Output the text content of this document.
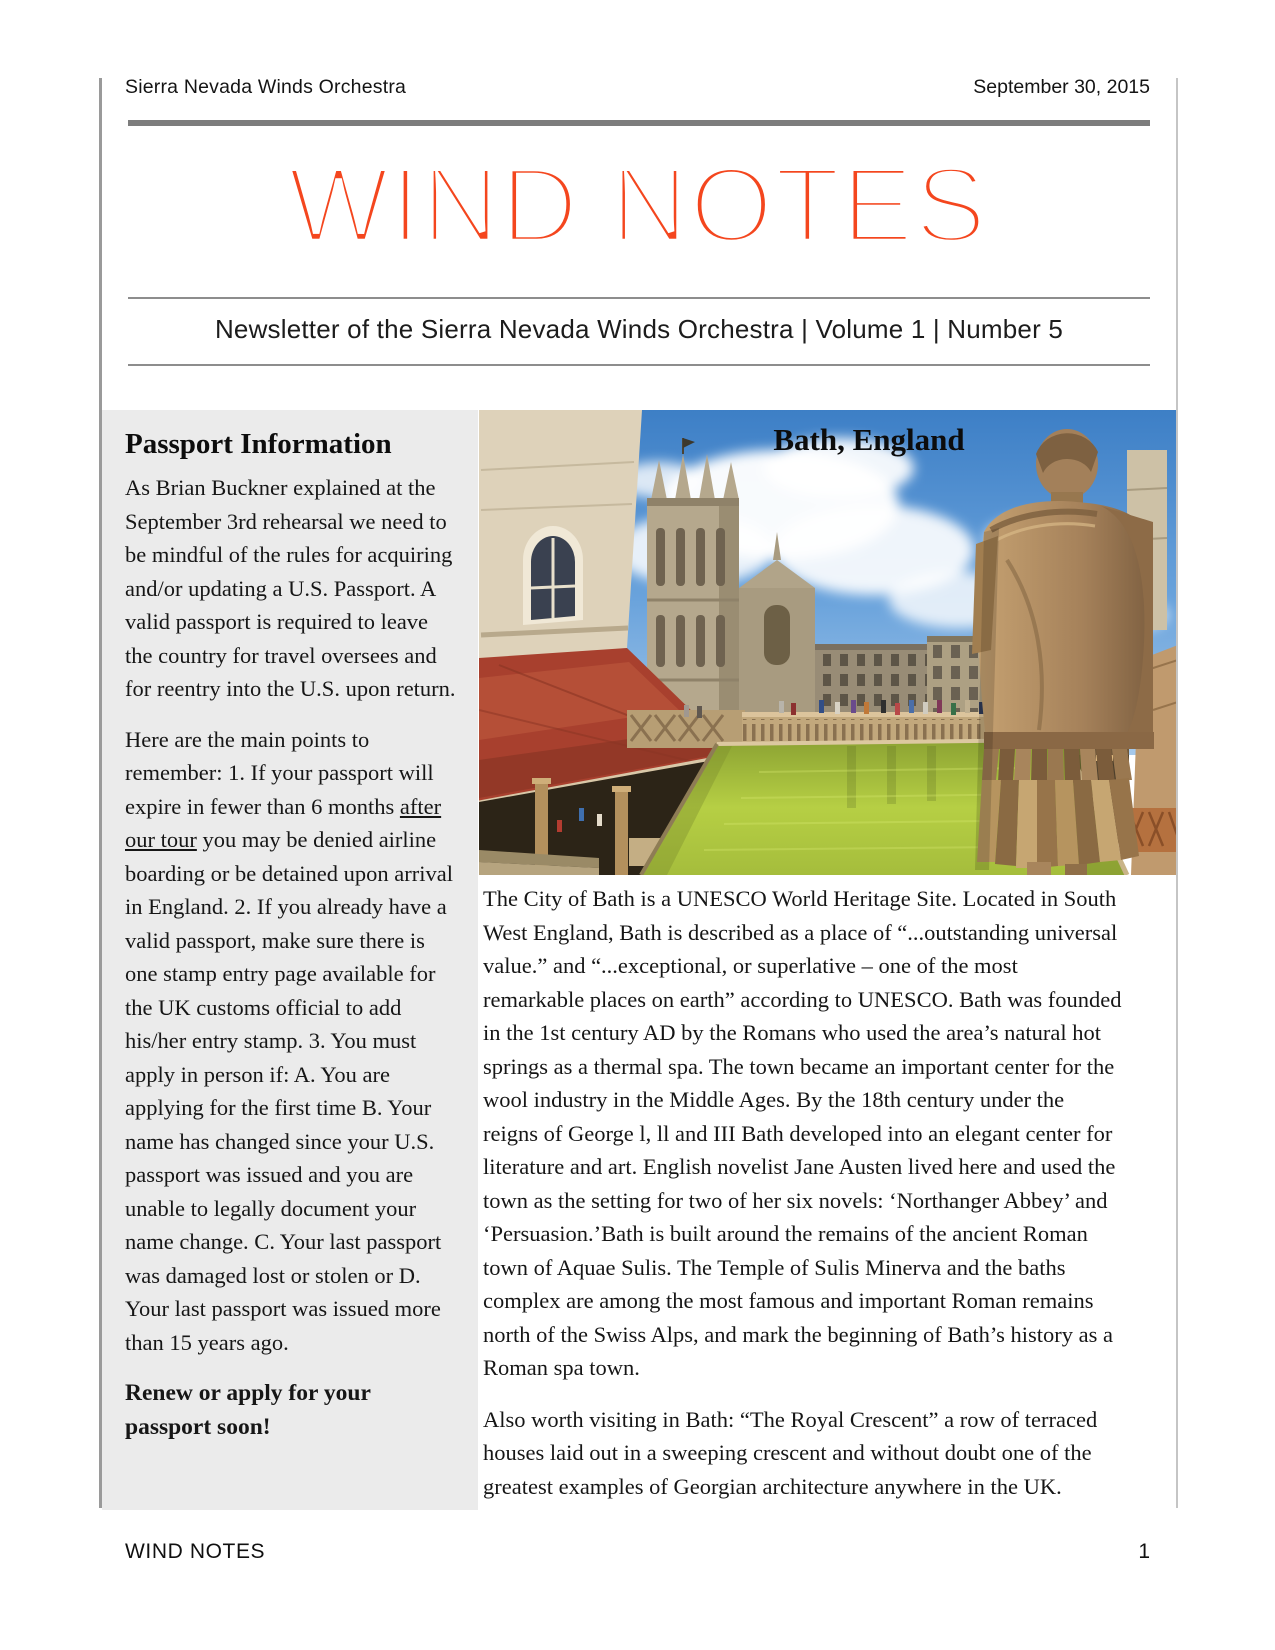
Sierra Nevada Winds Orchestra	September 30, 2015
WIND NOTES
Newsletter of the Sierra Nevada Winds Orchestra | Volume 1 | Number 5
Passport Information

As Brian Buckner explained at the September 3rd rehearsal we need to be mindful of the rules for acquiring and/or updating a U.S. Passport. A valid passport is required to leave the country for travel oversees and for reentry into the U.S. upon return.

Here are the main points to remember: 1. If your passport will expire in fewer than 6 months after our tour you may be denied airline boarding or be detained upon arrival in England. 2. If you already have a valid passport, make sure there is one stamp entry page available for the UK customs official to add his/her entry stamp. 3. You must apply in person if: A. You are applying for the first time B. Your name has changed since your U.S. passport was issued and you are unable to legally document your name change. C. Your last passport was damaged lost or stolen or D. Your last passport was issued more than 15 years ago.

Renew or apply for your passport soon!

Bath, England

The City of Bath is a UNESCO World Heritage Site. Located in South West England, Bath is described as a place of “...outstanding universal value.” and “...exceptional, or superlative – one of the most remarkable places on earth” according to UNESCO. Bath was founded in the 1st century AD by the Romans who used the area’s natural hot springs as a thermal spa. The town became an important center for the wool industry in the Middle Ages. By the 18th century under the reigns of George l, ll and III Bath developed into an elegant center for literature and art. English novelist Jane Austen lived here and used the town as the setting for two of her six novels: ‘Northanger Abbey’ and ‘Persuasion.’Bath is built around the remains of the ancient Roman town of Aquae Sulis. The Temple of Sulis Minerva and the baths complex are among the most famous and important Roman remains north of the Swiss Alps, and mark the beginning of Bath’s history as a Roman spa town.

Also worth visiting in Bath: “The Royal Crescent” a row of terraced houses laid out in a sweeping crescent and without doubt one of the greatest examples of Georgian architecture anywhere in the UK.

WIND NOTES	1
